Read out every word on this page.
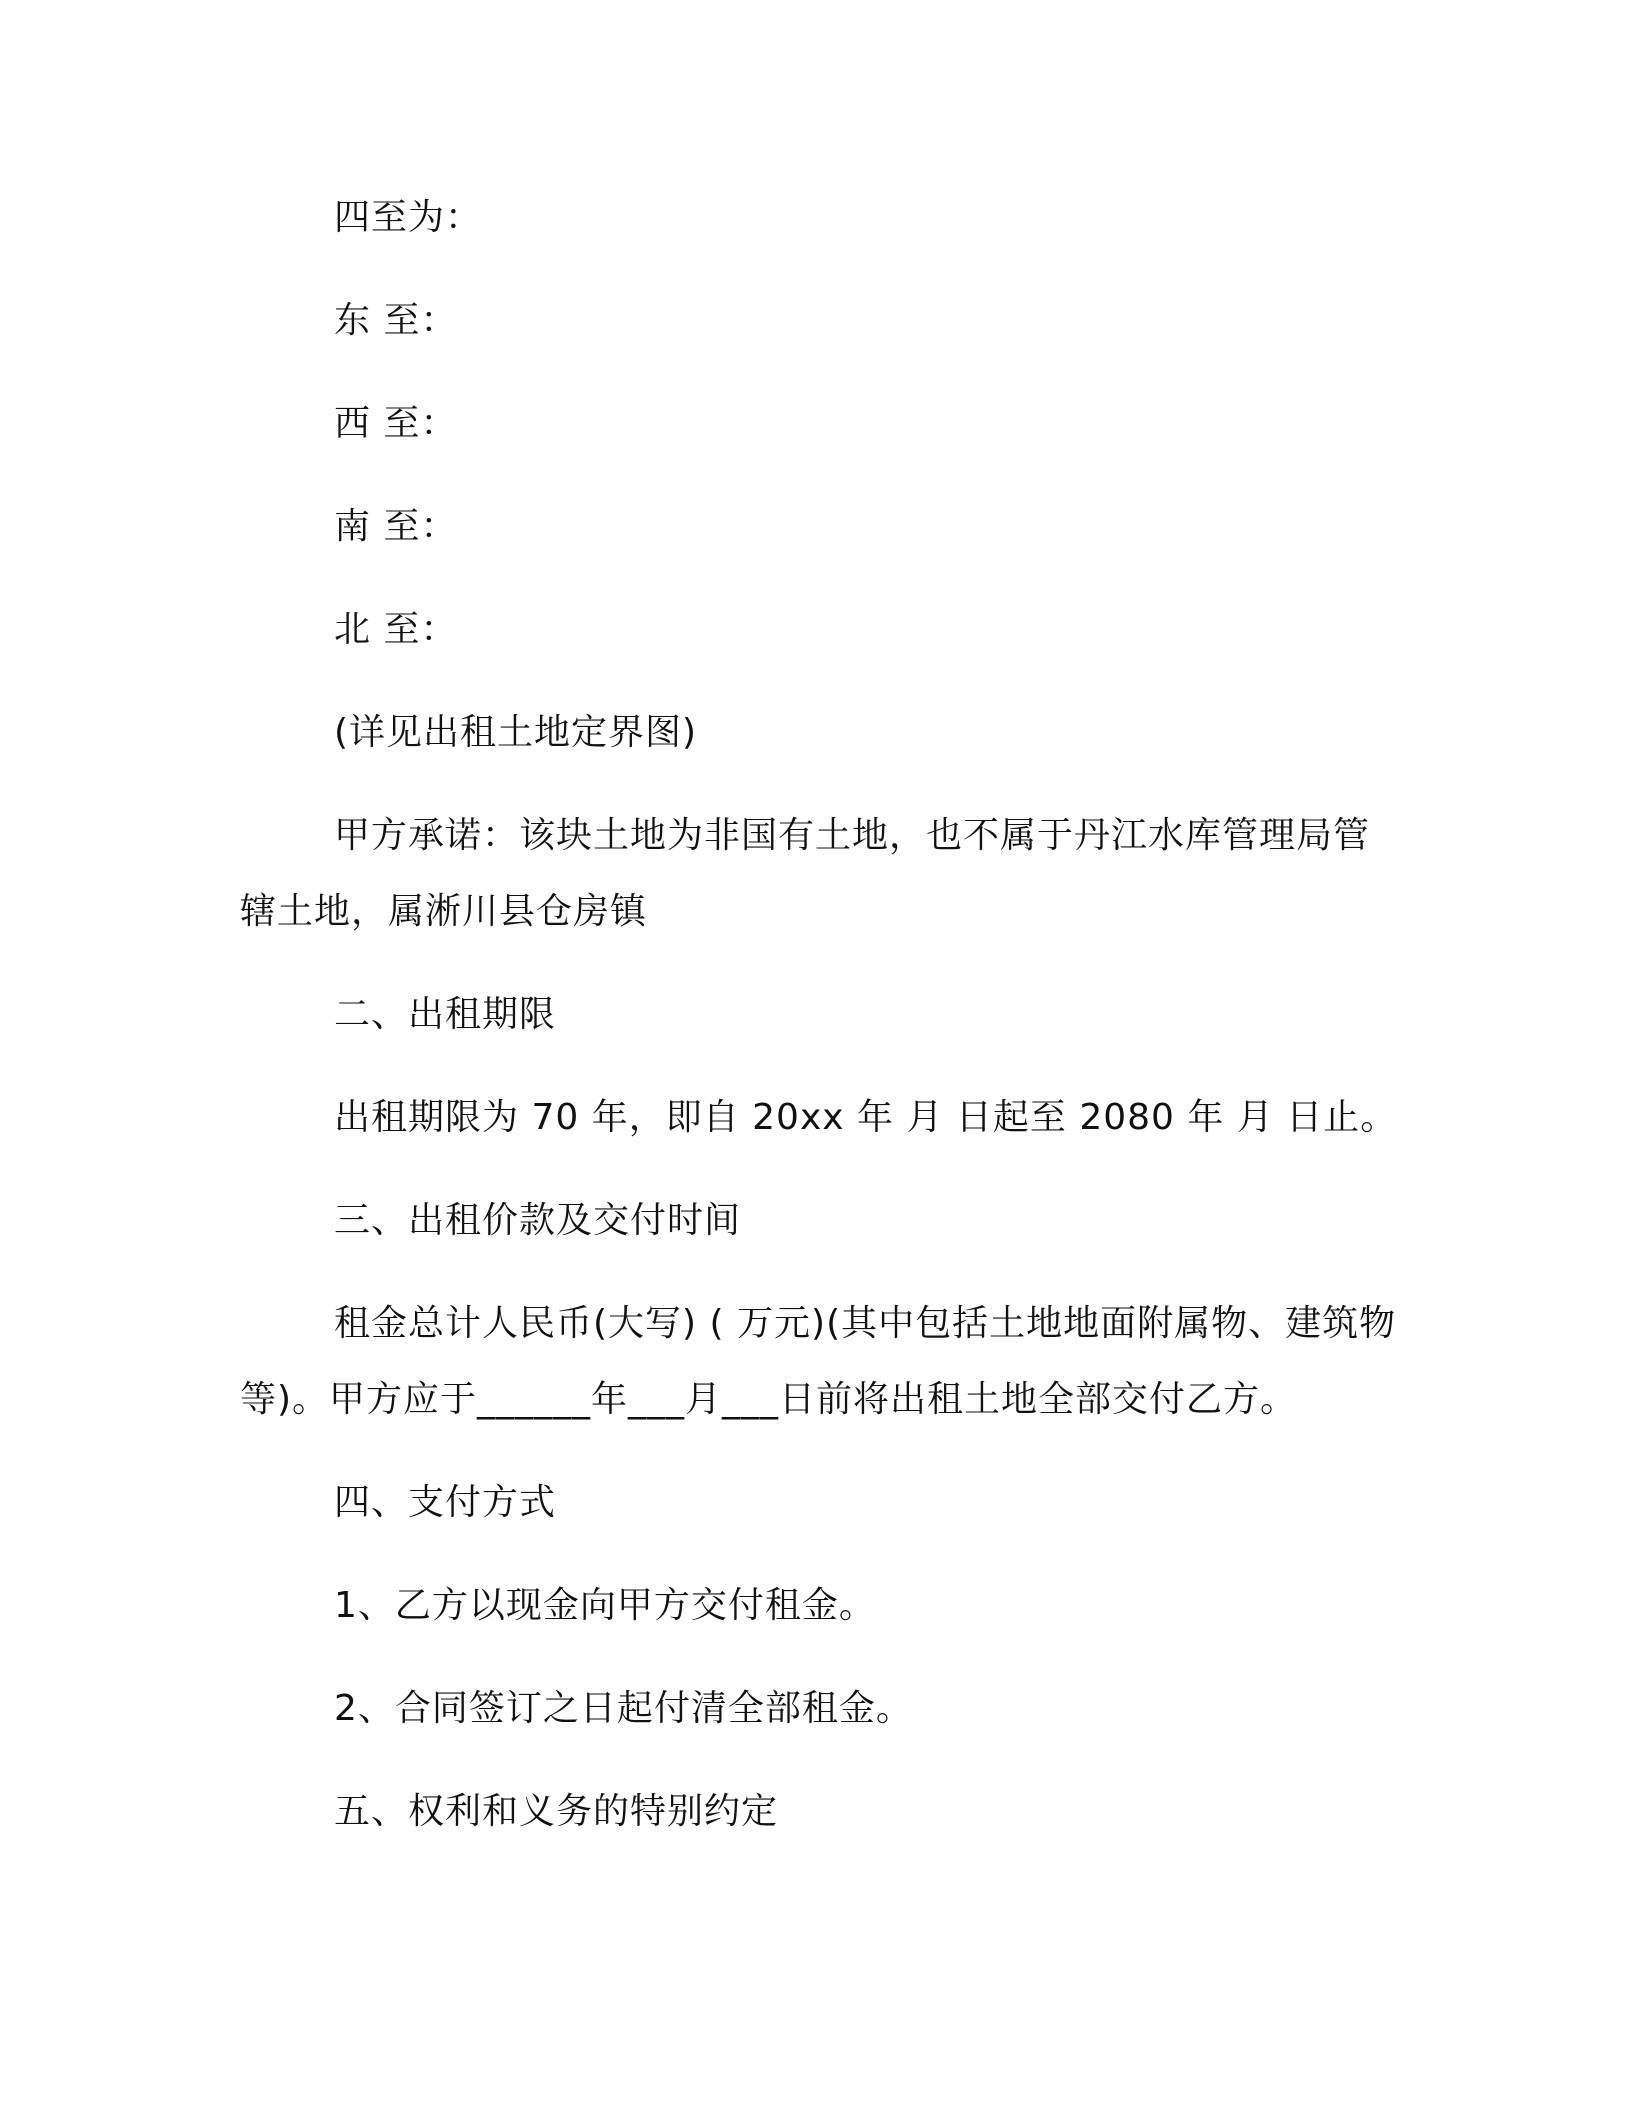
四至为：
东 至：
西 至：
南 至：
北 至：
(详见出租土地定界图)
甲方承诺：该块土地为非国有土地，也不属于丹江水库管理局管
辖土地，属淅川县仓房镇
二、出租期限
出租期限为 70 年，即自 20xx 年 月 日起至 2080 年 月 日止。
三、出租价款及交付时间
租金总计人民币(大写) ( 万元)(其中包括土地地面附属物、建筑物
等)。甲方应于______年___月___日前将出租土地全部交付乙方。
四、支付方式
1、乙方以现金向甲方交付租金。
2、合同签订之日起付清全部租金。
五、权利和义务的特别约定
